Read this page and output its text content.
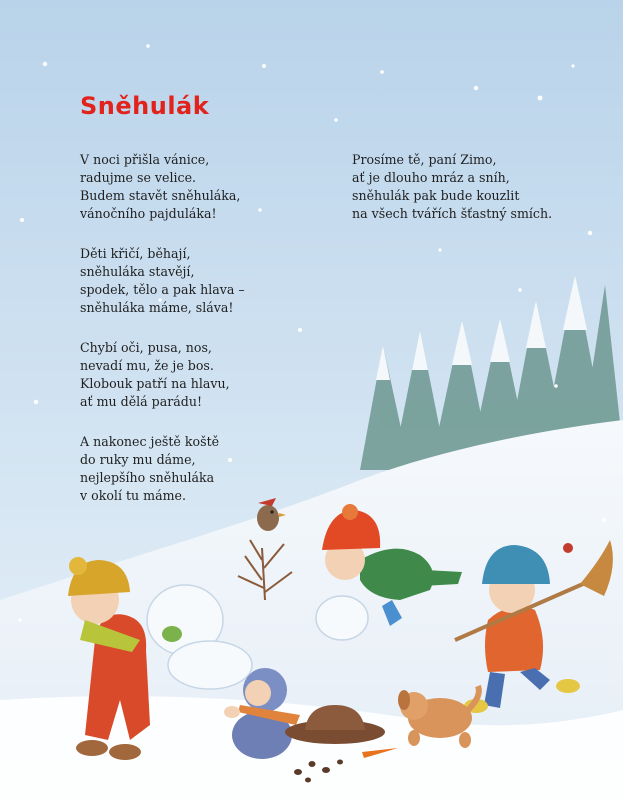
Sněhulák

V noci přišla vánice,
radujme se velice.
Budem stavět sněhuláka,
vánočního pajduláka!

Děti křičí, běhají,
sněhuláka stavějí,
spodek, tělo a pak hlava –
sněhuláka máme, sláva!

Chybí oči, pusa, nos,
nevadí mu, že je bos.
Klobouk patří na hlavu,
ať mu dělá parádu!

A nakonec ještě koště
do ruky mu dáme,
nejlepšího sněhuláka
v okolí tu máme.

Prosíme tě, paní Zimo,
ať je dlouho mráz a sníh,
sněhulák pak bude kouzlit
na všech tvářích šťastný smích.
